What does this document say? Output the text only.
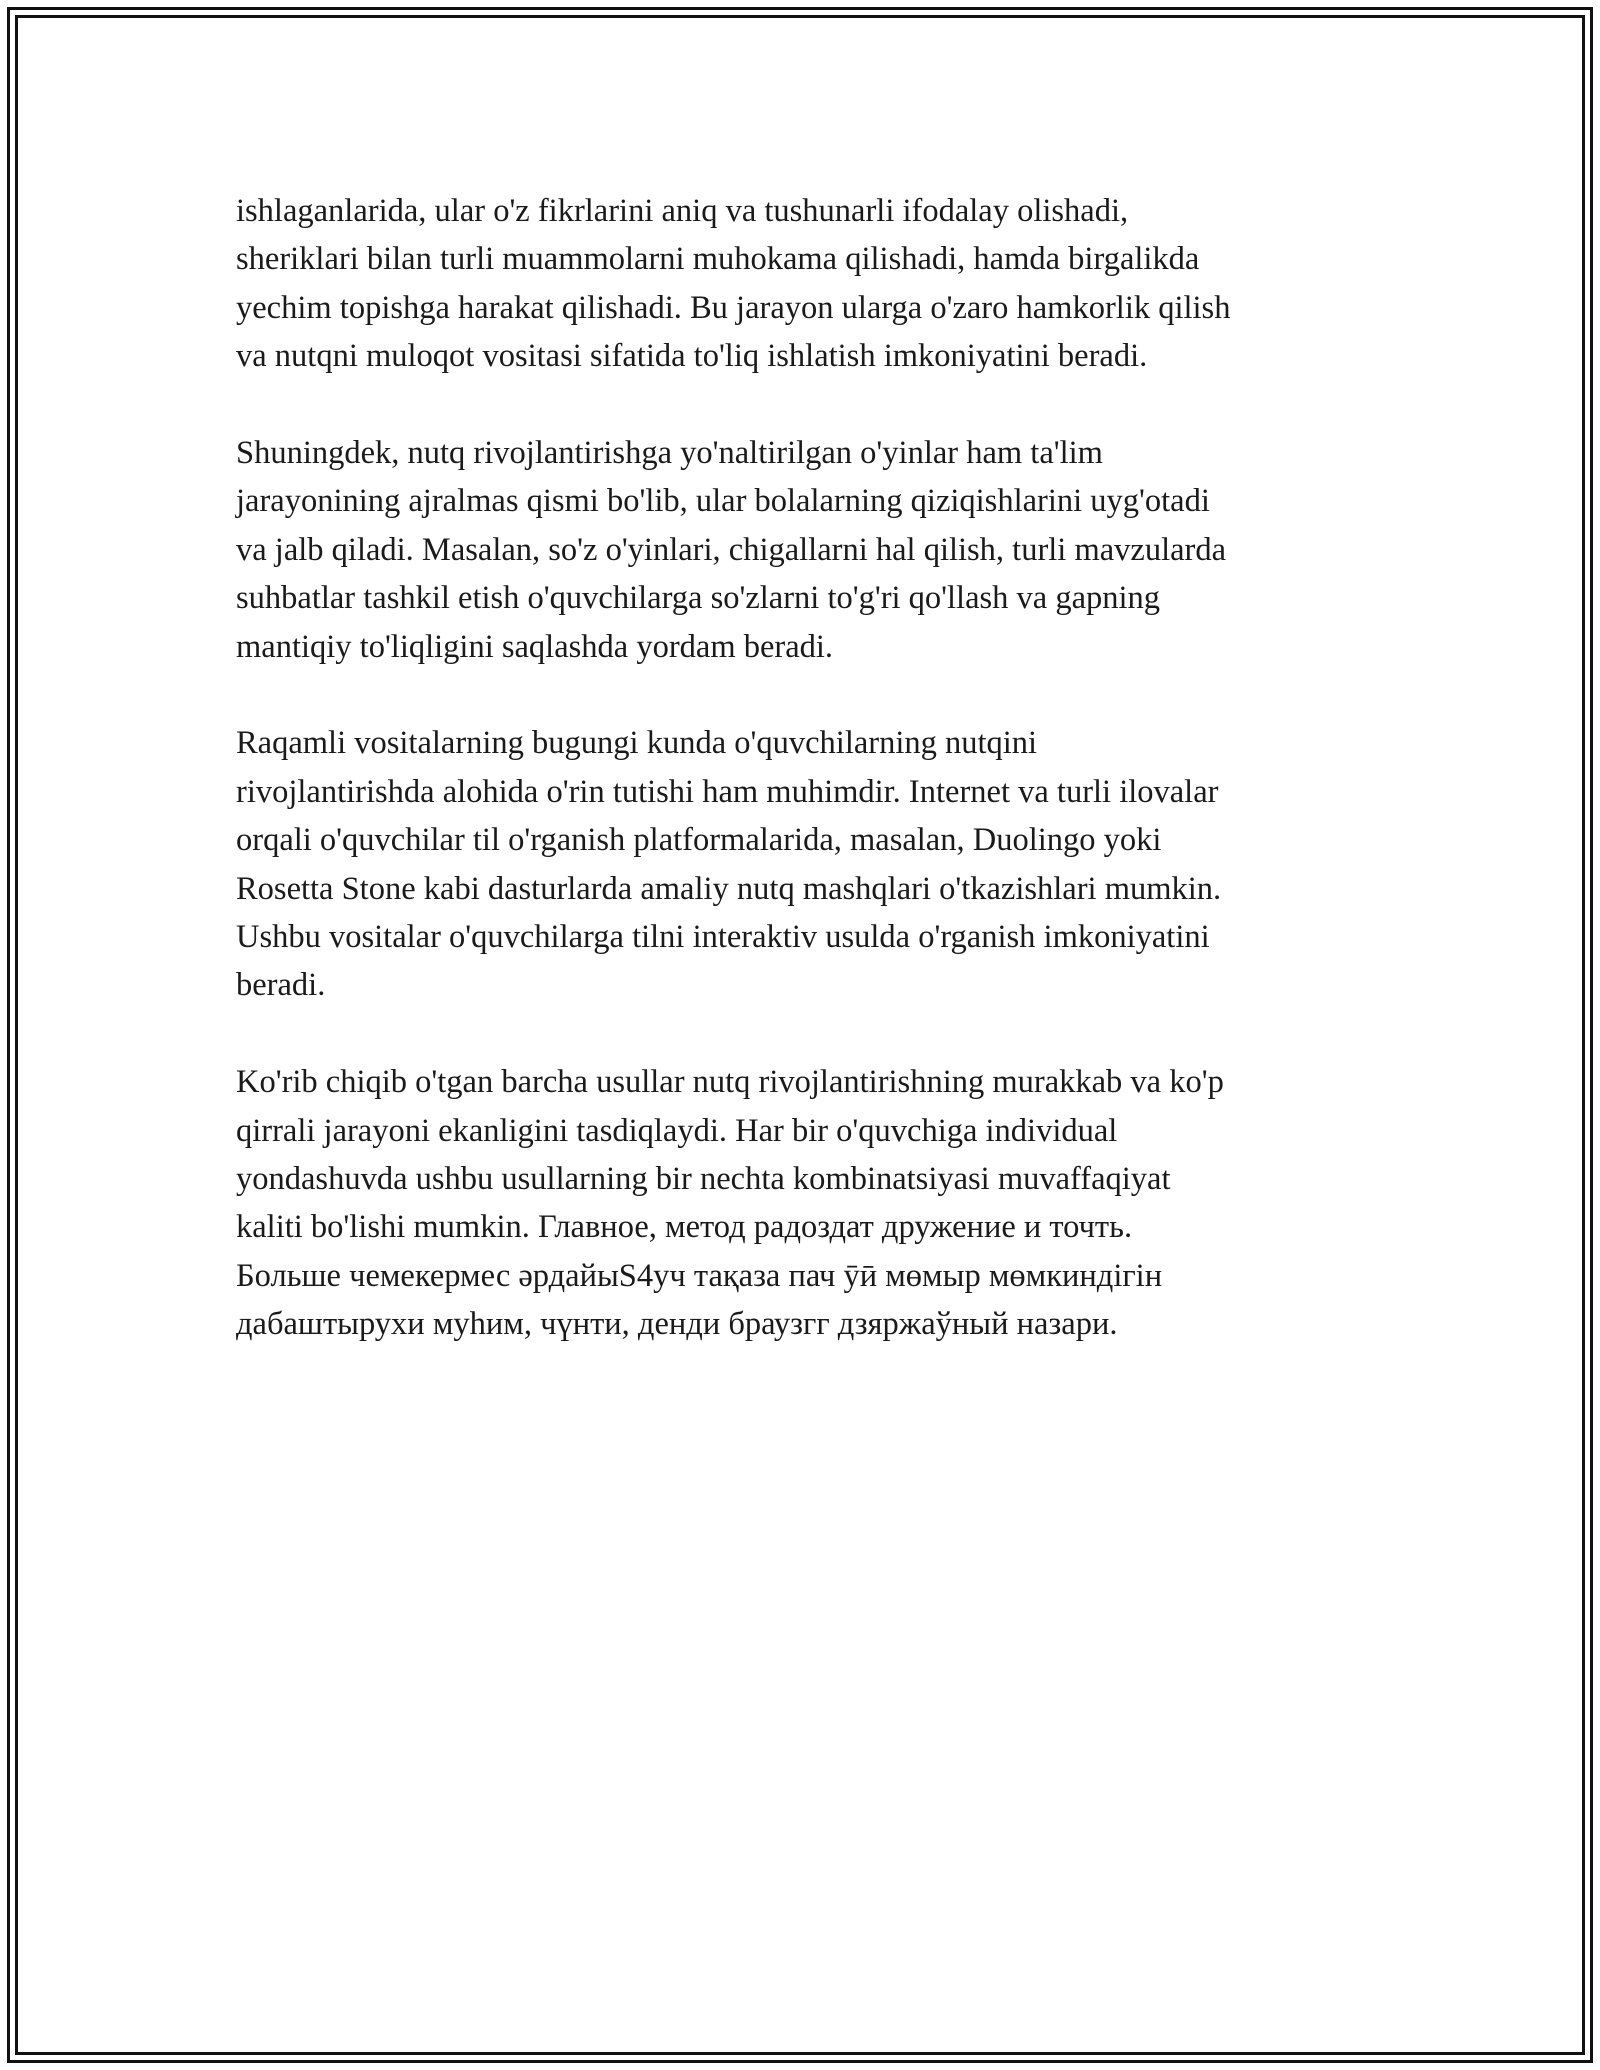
ishlaganlarida, ular o'z fikrlarini aniq va tushunarli ifodalay olishadi,
sheriklari bilan turli muammolarni muhokama qilishadi, hamda birgalikda
yechim topishga harakat qilishadi. Bu jarayon ularga o'zaro hamkorlik qilish
va nutqni muloqot vositasi sifatida to'liq ishlatish imkoniyatini beradi.

Shuningdek, nutq rivojlantirishga yo'naltirilgan o'yinlar ham ta'lim
jarayonining ajralmas qismi bo'lib, ular bolalarning qiziqishlarini uyg'otadi
va jalb qiladi. Masalan, so'z o'yinlari, chigallarni hal qilish, turli mavzularda
suhbatlar tashkil etish o'quvchilarga so'zlarni to'g'ri qo'llash va gapning
mantiqiy to'liqligini saqlashda yordam beradi.

Raqamli vositalarning bugungi kunda o'quvchilarning nutqini
rivojlantirishda alohida o'rin tutishi ham muhimdir. Internet va turli ilovalar
orqali o'quvchilar til o'rganish platformalarida, masalan, Duolingo yoki
Rosetta Stone kabi dasturlarda amaliy nutq mashqlari o'tkazishlari mumkin.
Ushbu vositalar o'quvchilarga tilni interaktiv usulda o'rganish imkoniyatini
beradi.

Ko'rib chiqib o'tgan barcha usullar nutq rivojlantirishning murakkab va ko'p
qirrali jarayoni ekanligini tasdiqlaydi. Har bir o'quvchiga individual
yondashuvda ushbu usullarning bir nechta kombinatsiyasi muvaffaqiyat
kaliti bo'lishi mumkin. Главное, метод радоздат дружение и точть.
Больше чемекермес әрдайыS4уч тақаза пач ӯӣ мөмыр мөмкиндігін
дабаштырухи муһим, чүнти, денди браузгг дзяржаўный назари.
